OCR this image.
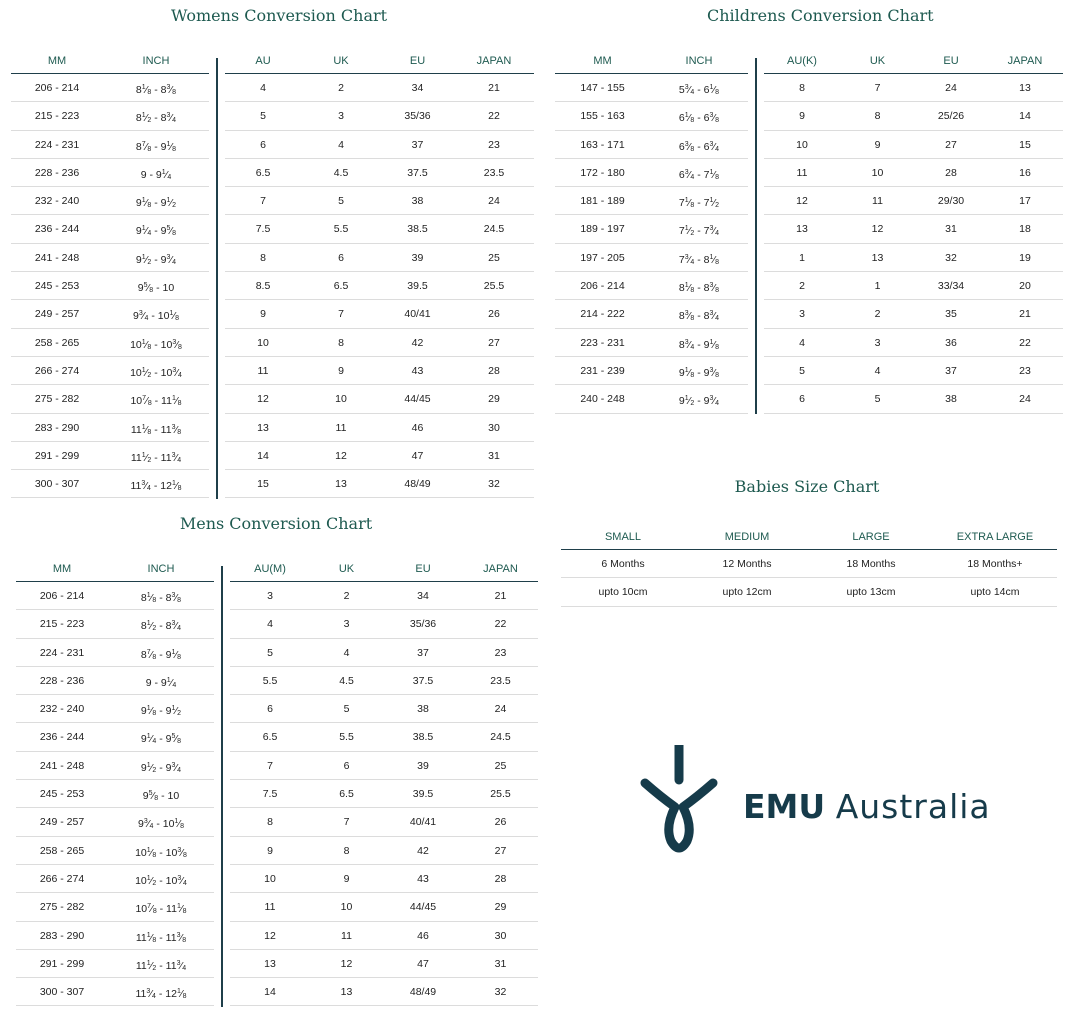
Womens Conversion Chart
MM	INCH	AU	UK	EU	JAPAN
206 - 214	$8^1⁄_8$ - $8^3⁄_8$	4	2	34	21
215 - 223	$8^1⁄_2$ - $8^3⁄_4$	5	3	35/36	22
224 - 231	$8^7⁄_8$ - $9^1⁄_8$	6	4	37	23
228 - 236	$9 - 9^1⁄_4$	6.5	4.5	37.5	23.5
232 - 240	$9^1⁄_8$ - $9^1⁄_2$	7	5	38	24
236 - 244	$9^1⁄_4$ - $9^5⁄_8$	7.5	5.5	38.5	24.5
241 - 248	$9^1⁄_2$ - $9^3⁄_4$	8	6	39	25
245 - 253	$9^5⁄_8 - 10$	8.5	6.5	39.5	25.5
249 - 257	$9^3⁄_4$ - $10^1⁄_8$	9	7	40/41	26
258 - 265	$10^1⁄_8$ - $10^3⁄_8$	10	8	42	27
266 - 274	$10^1⁄_2$ - $10^3⁄_4$	11	9	43	28
275 - 282	$10^7⁄_8$ - $11^1⁄_8$	12	10	44/45	29
283 - 290	$11^1⁄_8$ - $11^3⁄_8$	13	11	46	30
291 - 299	$11^1⁄_2$ - $11^3⁄_4$	14	12	47	31
300 - 307	$11^3⁄_4$ - $12^1⁄_8$	15	13	48/49	32
Childrens Conversion Chart
MM	INCH	AU(K)	UK	EU	JAPAN
147 - 155	$5^3⁄_4$ - $6^1⁄_8$	8	7	24	13
155 - 163	$6^1⁄_8$ - $6^3⁄_8$	9	8	25/26	14
163 - 171	$6^3⁄_8$ - $6^3⁄_4$	10	9	27	15
172 - 180	$6^3⁄_4$ - $7^1⁄_8$	11	10	28	16
181 - 189	$7^1⁄_8$ - $7^1⁄_2$	12	11	29/30	17
189 - 197	$7^1⁄_2$ - $7^3⁄_4$	13	12	31	18
197 - 205	$7^3⁄_4$ - $8^1⁄_8$	1	13	32	19
206 - 214	$8^1⁄_8$ - $8^3⁄_8$	2	1	33/34	20
214 - 222	$8^3⁄_8$ - $8^3⁄_4$	3	2	35	21
223 - 231	$8^3⁄_4$ - $9^1⁄_8$	4	3	36	22
231 - 239	$9^1⁄_8$ - $9^3⁄_8$	5	4	37	23
240 - 248	$9^1⁄_2$ - $9^3⁄_4$	6	5	38	24
Mens Conversion Chart
MM	INCH	AU(M)	UK	EU	JAPAN
206 - 214	$8^1⁄_8$ - $8^3⁄_8$	3	2	34	21
215 - 223	$8^1⁄_2$ - $8^3⁄_4$	4	3	35/36	22
224 - 231	$8^7⁄_8$ - $9^1⁄_8$	5	4	37	23
228 - 236	$9 - 9^1⁄_4$	5.5	4.5	37.5	23.5
232 - 240	$9^1⁄_8$ - $9^1⁄_2$	6	5	38	24
236 - 244	$9^1⁄_4$ - $9^5⁄_8$	6.5	5.5	38.5	24.5
241 - 248	$9^1⁄_2$ - $9^3⁄_4$	7	6	39	25
245 - 253	$9^5⁄_8 - 10$	7.5	6.5	39.5	25.5
249 - 257	$9^3⁄_4$ - $10^1⁄_8$	8	7	40/41	26
258 - 265	$10^1⁄_8$ - $10^3⁄_8$	9	8	42	27
266 - 274	$10^1⁄_2$ - $10^3⁄_4$	10	9	43	28
275 - 282	$10^7⁄_8$ - $11^1⁄_8$	11	10	44/45	29
283 - 290	$11^1⁄_8$ - $11^3⁄_8$	12	11	46	30
291 - 299	$11^1⁄_2$ - $11^3⁄_4$	13	12	47	31
300 - 307	$11^3⁄_4$ - $12^1⁄_8$	14	13	48/49	32
Babies Size Chart
SMALL	MEDIUM	LARGE	EXTRA LARGE
6 Months	12 Months	18 Months	18 Months+
upto 10cm	upto 12cm	upto 13cm	upto 14cm
EMU Australia
